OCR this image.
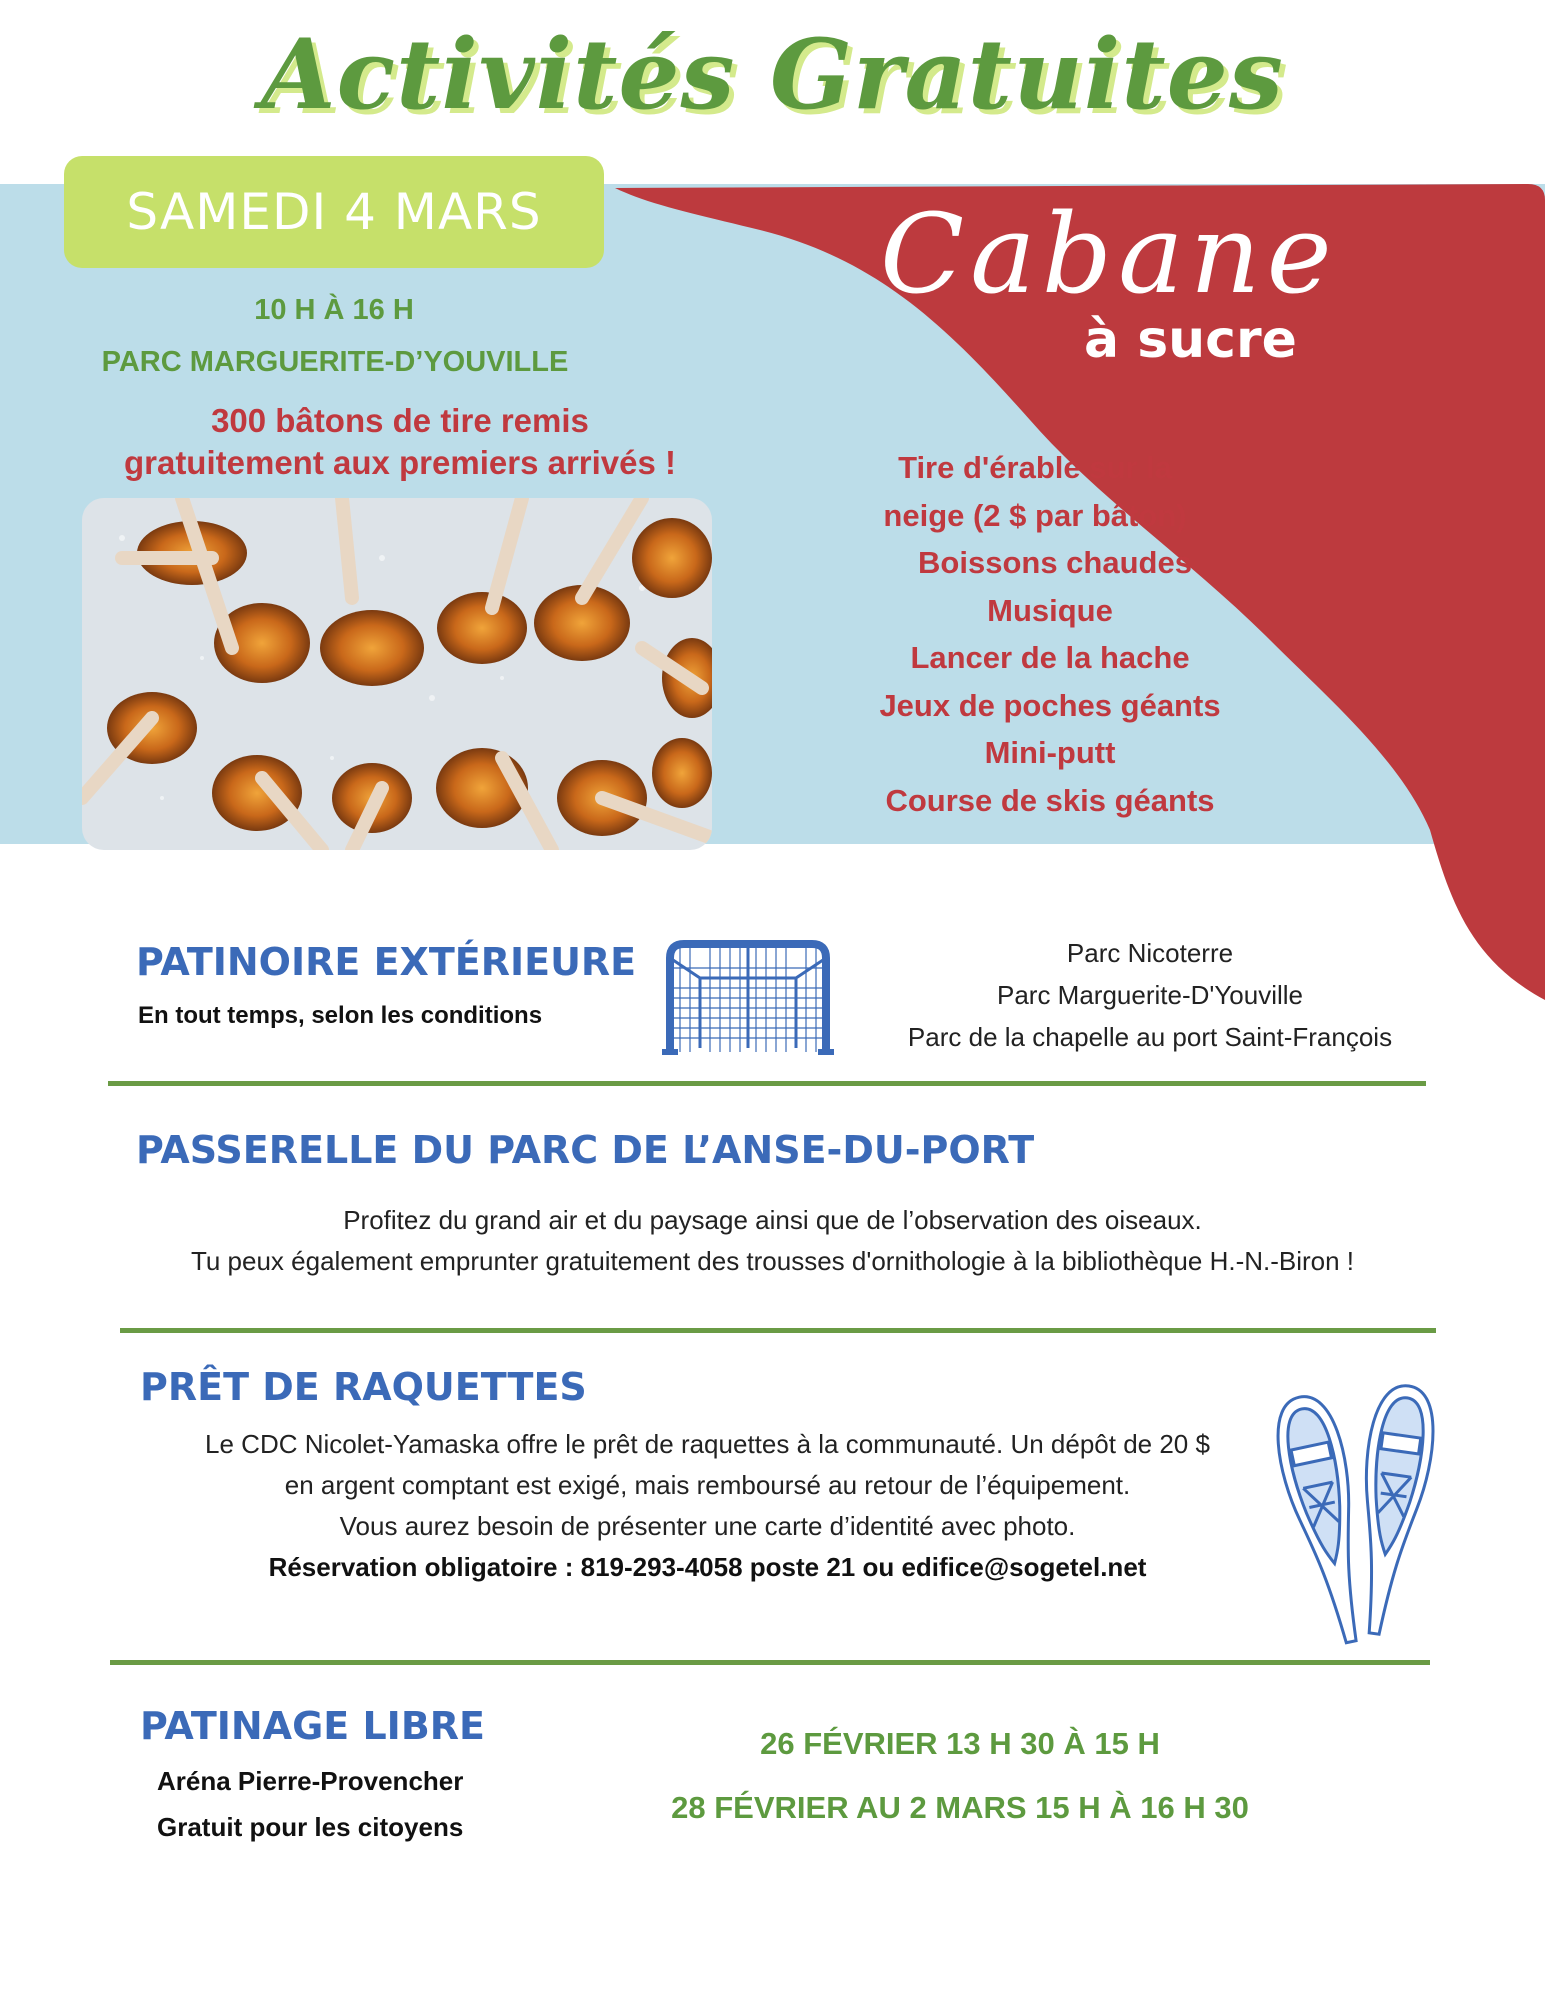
Activités Gratuites
SAMEDI 4 MARS
10 H À 16 H
PARC MARGUERITE-D’YOUVILLE
300 bâtons de tire remis
gratuitement aux premiers arrivés !
Cabane
à sucre
Tire d'érable sur la
neige (2 $ par bâton)
Boissons chaudes
Musique
Lancer de la hache
Jeux de poches géants
Mini-putt
Course de skis géants
PATINOIRE EXTÉRIEURE
En tout temps, selon les conditions
Parc Nicoterre
Parc Marguerite-D'Youville
Parc de la chapelle au port Saint-François
PASSERELLE DU PARC DE L’ANSE-DU-PORT
Profitez du grand air et du paysage ainsi que de l’observation des oiseaux.
Tu peux également emprunter gratuitement des trousses d'ornithologie à la bibliothèque H.-N.-Biron !
PRÊT DE RAQUETTES
Le CDC Nicolet-Yamaska offre le prêt de raquettes à la communauté. Un dépôt de 20 $
en argent comptant est exigé, mais remboursé au retour de l’équipement.
Vous aurez besoin de présenter une carte d’identité avec photo.
Réservation obligatoire : 819-293-4058 poste 21 ou edifice@sogetel.net
PATINAGE LIBRE
Aréna Pierre-Provencher
Gratuit pour les citoyens
26 FÉVRIER 13 H 30 À 15 H
28 FÉVRIER AU 2 MARS 15 H À 16 H 30
